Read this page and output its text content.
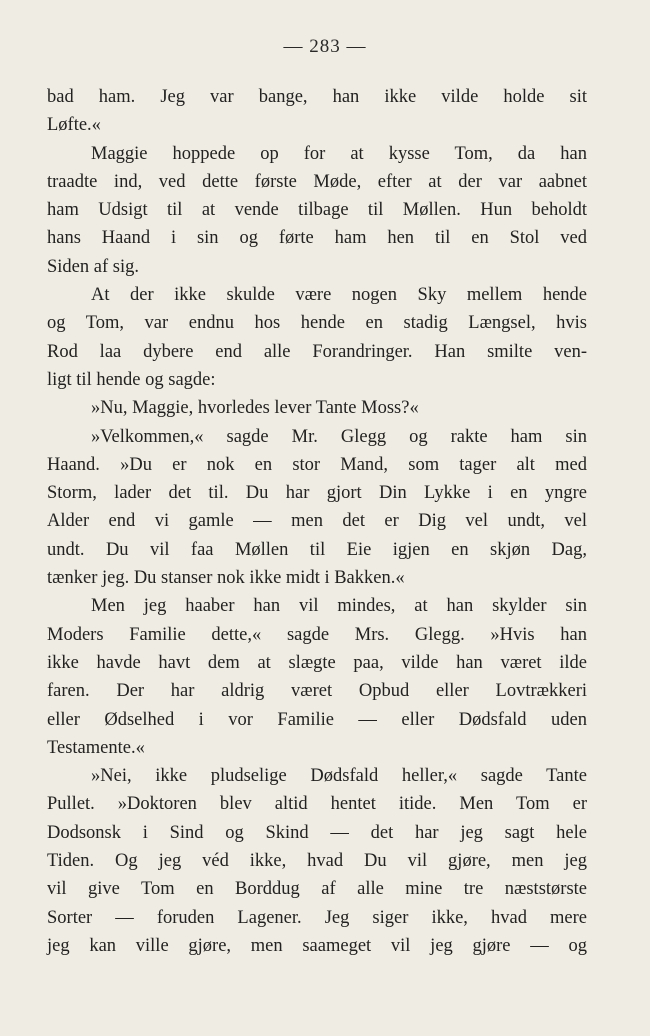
— 283 —
bad ham. Jeg var bange, han ikke vilde holde sit
Løfte.«
Maggie hoppede op for at kysse Tom, da han
traadte ind, ved dette første Møde, efter at der var aabnet
ham Udsigt til at vende tilbage til Møllen. Hun beholdt
hans Haand i sin og førte ham hen til en Stol ved
Siden af sig.
At der ikke skulde være nogen Sky mellem hende
og Tom, var endnu hos hende en stadig Længsel, hvis
Rod laa dybere end alle Forandringer. Han smilte ven-
ligt til hende og sagde:
»Nu, Maggie, hvorledes lever Tante Moss?«
»Velkommen,« sagde Mr. Glegg og rakte ham sin
Haand. »Du er nok en stor Mand, som tager alt med
Storm, lader det til. Du har gjort Din Lykke i en yngre
Alder end vi gamle — men det er Dig vel undt, vel
undt. Du vil faa Møllen til Eie igjen en skjøn Dag,
tænker jeg. Du stanser nok ikke midt i Bakken.«
Men jeg haaber han vil mindes, at han skylder sin
Moders Familie dette,« sagde Mrs. Glegg. »Hvis han
ikke havde havt dem at slægte paa, vilde han været ilde
faren. Der har aldrig været Opbud eller Lovtrækkeri
eller Ødselhed i vor Familie — eller Dødsfald uden
Testamente.«
»Nei, ikke pludselige Dødsfald heller,« sagde Tante
Pullet. »Doktoren blev altid hentet itide. Men Tom er
Dodsonsk i Sind og Skind — det har jeg sagt hele
Tiden. Og jeg véd ikke, hvad Du vil gjøre, men jeg
vil give Tom en Borddug af alle mine tre næststørste
Sorter — foruden Lagener. Jeg siger ikke, hvad mere
jeg kan ville gjøre, men saameget vil jeg gjøre — og
